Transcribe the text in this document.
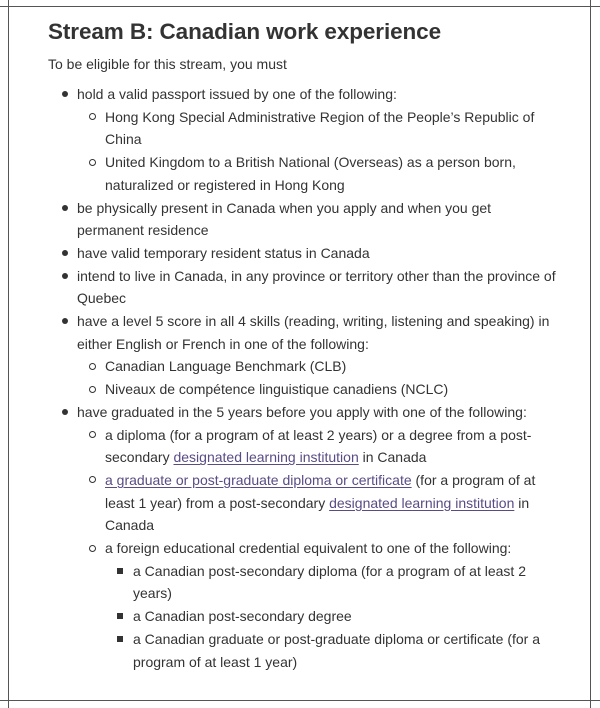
Stream B: Canadian work experience

To be eligible for this stream, you must

hold a valid passport issued by one of the following:
Hong Kong Special Administrative Region of the People’s Republic of China
United Kingdom to a British National (Overseas) as a person born, naturalized or registered in Hong Kong
be physically present in Canada when you apply and when you get permanent residence
have valid temporary resident status in Canada
intend to live in Canada, in any province or territory other than the province of Quebec
have a level 5 score in all 4 skills (reading, writing, listening and speaking) in either English or French in one of the following:
Canadian Language Benchmark (CLB)
Niveaux de compétence linguistique canadiens (NCLC)
have graduated in the 5 years before you apply with one of the following:
a diploma (for a program of at least 2 years) or a degree from a post-secondary designated learning institution in Canada
a graduate or post-graduate diploma or certificate (for a program of at least 1 year) from a post-secondary designated learning institution in Canada
a foreign educational credential equivalent to one of the following:
a Canadian post-secondary diploma (for a program of at least 2 years)
a Canadian post-secondary degree
a Canadian graduate or post-graduate diploma or certificate (for a program of at least 1 year)
